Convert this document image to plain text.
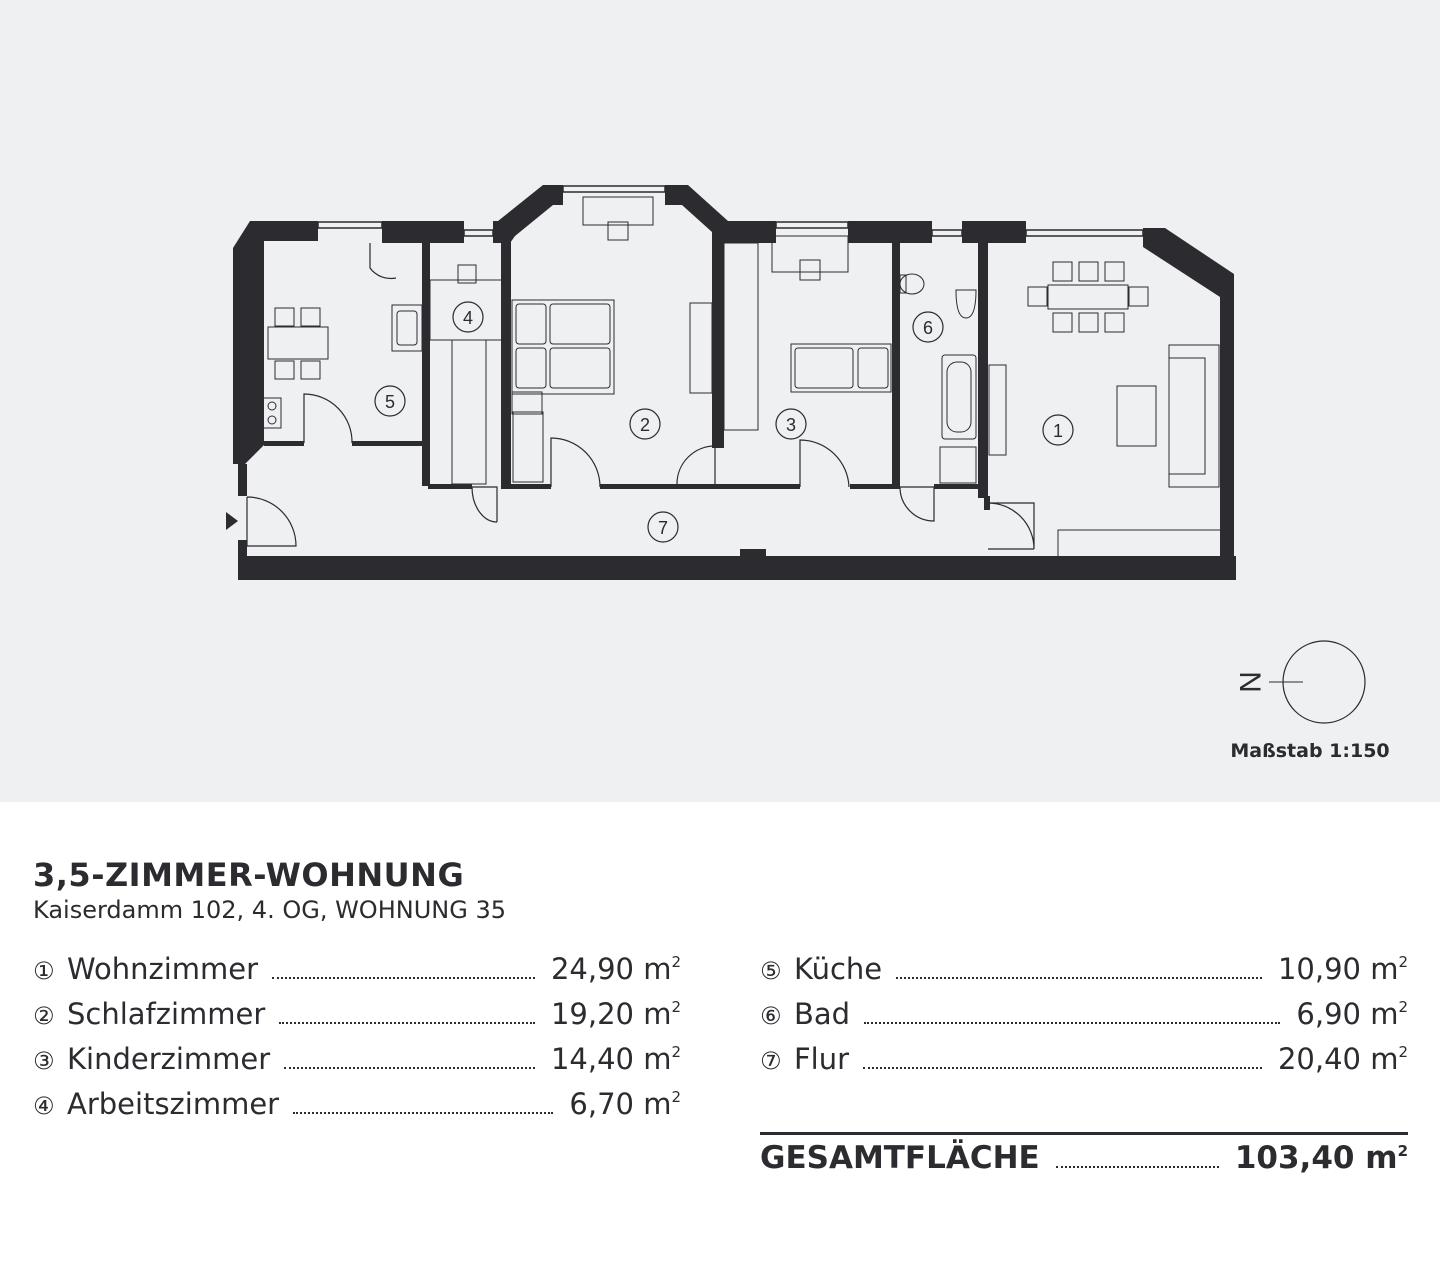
1
2	3
4
5
6
7
N
Maßstab 1:150
3,5-ZIMMER-WOHNUNG
Kaiserdamm 102, 4. OG, WOHNUNG 35
① Wohnzimmer	24,90 $m^2$
② Schlafzimmer	19,20 $m^2$
③ Kinderzimmer	14,40 $m^2$
④ Arbeitszimmer	6,70 $m^2$
⑤ Küche	10,90 $m^2$
⑥ Bad	6,90 $m^2$
⑦ Flur	20,40 $m^2$
GESAMTFLÄCHE	103,40 $m^2$
